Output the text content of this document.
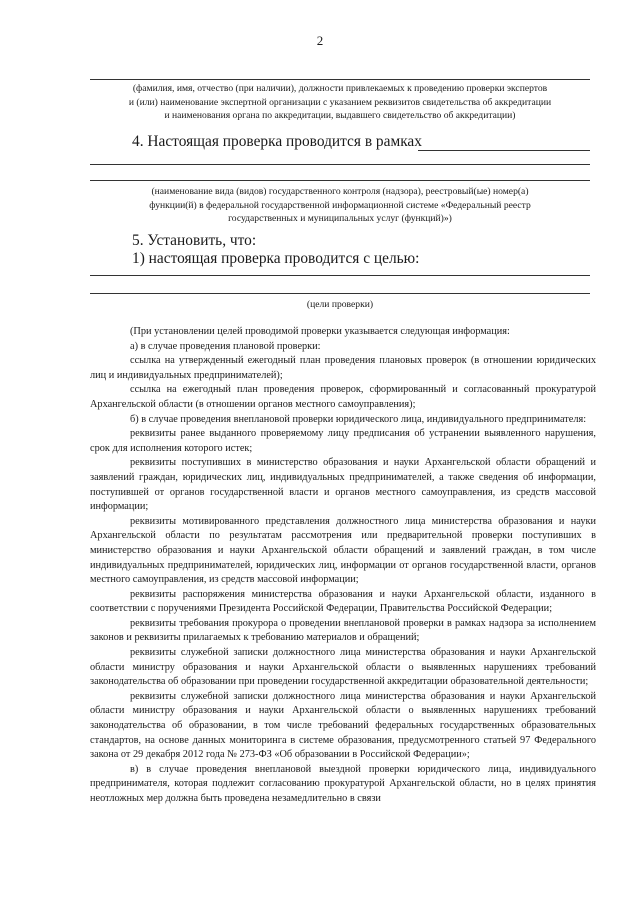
2
(фамилия, имя, отчество (при наличии), должности привлекаемых к проведению проверки экспертов
и (или) наименование экспертной организации с указанием реквизитов свидетельства об аккредитации
и наименования органа по аккредитации, выдавшего свидетельство об аккредитации)
4. Настоящая проверка проводится в рамках
(наименование вида (видов) государственного контроля (надзора), реестровый(ые) номер(а)
функции(й) в федеральной государственной информационной системе «Федеральный реестр
государственных и муниципальных услуг (функций)»)
5. Установить, что:
1) настоящая проверка проводится с целью:
(цели проверки)

(При установлении целей проводимой проверки указывается следующая информация:

а) в случае проведения плановой проверки:

ссылка на утвержденный ежегодный план проведения плановых проверок (в отношении юридических лиц и индивидуальных предпринимателей);

ссылка на ежегодный план проведения проверок, сформированный и согласованный прокуратурой Архангельской области (в отношении органов местного самоуправления);

б) в случае проведения внеплановой проверки юридического лица, индивидуального предпринимателя:

реквизиты ранее выданного проверяемому лицу предписания об устранении выявленного нарушения, срок для исполнения которого истек;

реквизиты поступивших в министерство образования и науки Архангельской области обращений и заявлений граждан, юридических лиц, индивидуальных предпринимателей, а также сведения об информации, поступившей от органов государственной власти и органов местного самоуправления, из средств массовой информации;

реквизиты мотивированного представления должностного лица министерства образования и науки Архангельской области по результатам рассмотрения или предварительной проверки поступивших в министерство образования и науки Архангельской области обращений и заявлений граждан, в том числе индивидуальных предпринимателей, юридических лиц, информации от органов государственной власти, органов местного самоуправления, из средств массовой информации;

реквизиты распоряжения министерства образования и науки Архангельской области, изданного в соответствии с поручениями Президента Российской Федерации, Правительства Российской Федерации;

реквизиты требования прокурора о проведении внеплановой проверки в рамках надзора за исполнением законов и реквизиты прилагаемых к требованию материалов и обращений;

реквизиты служебной записки должностного лица министерства образования и науки Архангельской области министру образования и науки Архангельской области о выявленных нарушениях требований законодательства об образовании при проведении государственной аккредитации образовательной деятельности;

реквизиты служебной записки должностного лица министерства образования и науки Архангельской области министру образования и науки Архангельской области о выявленных нарушениях требований законодательства об образовании, в том числе требований федеральных государственных образовательных стандартов, на основе данных мониторинга в системе образования, предусмотренного статьей 97 Федерального закона от 29 декабря 2012 года № 273-ФЗ «Об образовании в Российской Федерации»;

в) в случае проведения внеплановой выездной проверки юридического лица, индивидуального предпринимателя, которая подлежит согласованию прокуратурой Архангельской области, но в целях принятия неотложных мер должна быть проведена незамедлительно в связи
